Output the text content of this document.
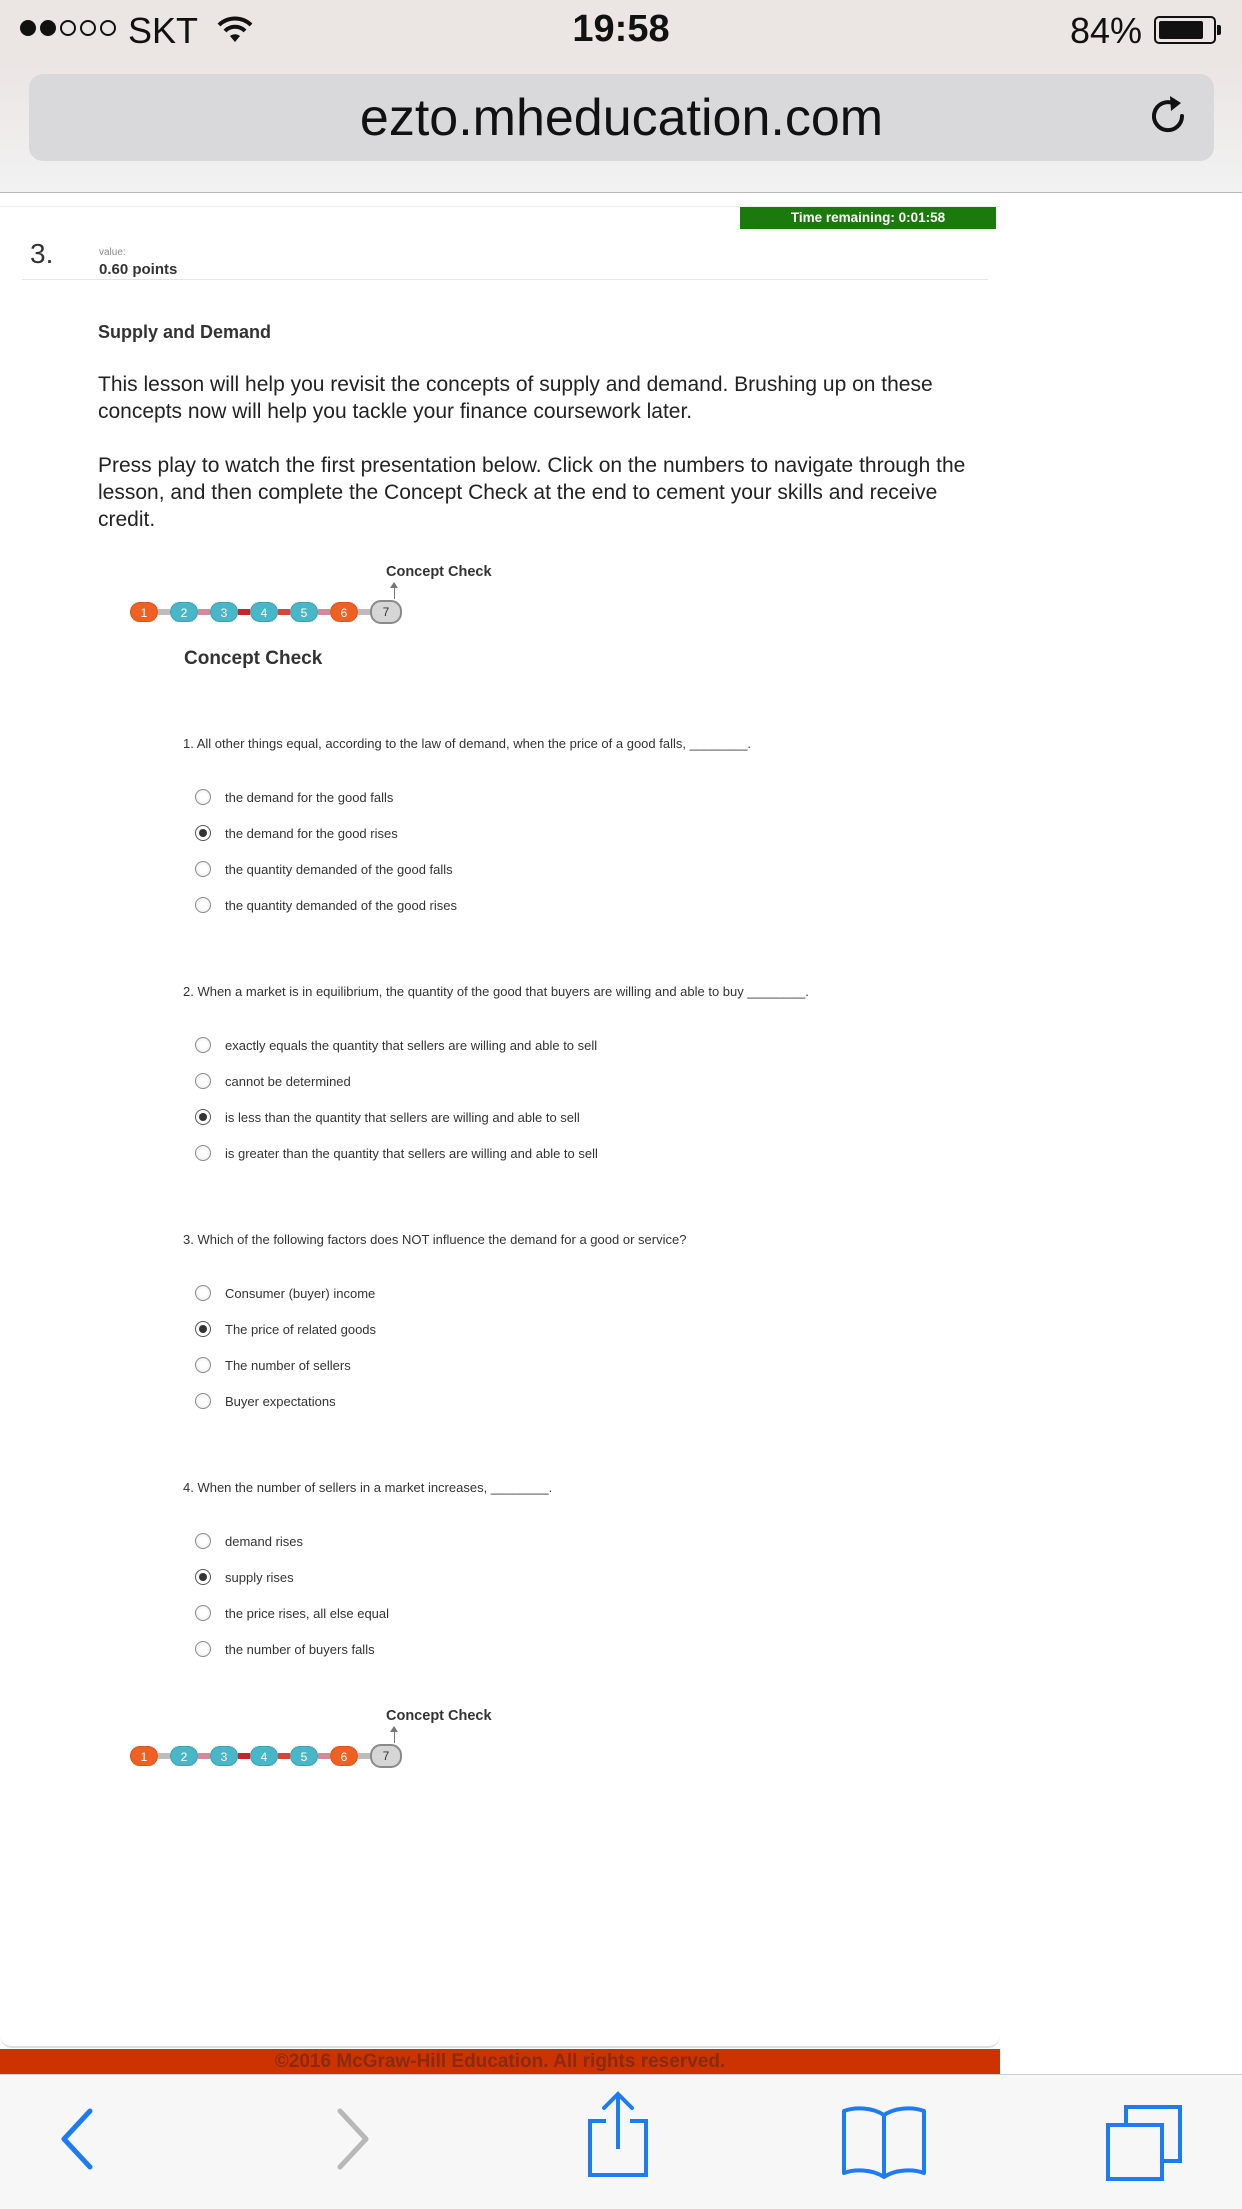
SKT	19:58	84%
ezto.mheducation.com
Time remaining: 0:01:58
3.	value:
0.60 points
Supply and Demand
This lesson will help you revisit the concepts of supply and demand. Brushing up on these concepts now will help you tackle your finance coursework later.
Press play to watch the first presentation below. Click on the numbers to navigate through the lesson, and then complete the Concept Check at the end to cement your skills and receive credit.
Concept Check
1	2	3	4	5	6	7
Concept Check
1. All other things equal, according to the law of demand, when the price of a good falls, ________.
the demand for the good falls
the demand for the good rises
the quantity demanded of the good falls
the quantity demanded of the good rises
2. When a market is in equilibrium, the quantity of the good that buyers are willing and able to buy ________.
exactly equals the quantity that sellers are willing and able to sell
cannot be determined
is less than the quantity that sellers are willing and able to sell
is greater than the quantity that sellers are willing and able to sell
3. Which of the following factors does NOT influence the demand for a good or service?
Consumer (buyer) income
The price of related goods
The number of sellers
Buyer expectations
4. When the number of sellers in a market increases, ________.
demand rises
supply rises
the price rises, all else equal
the number of buyers falls
Concept Check
1	2	3	4	5	6	7
©2016 McGraw-Hill Education. All rights reserved.
